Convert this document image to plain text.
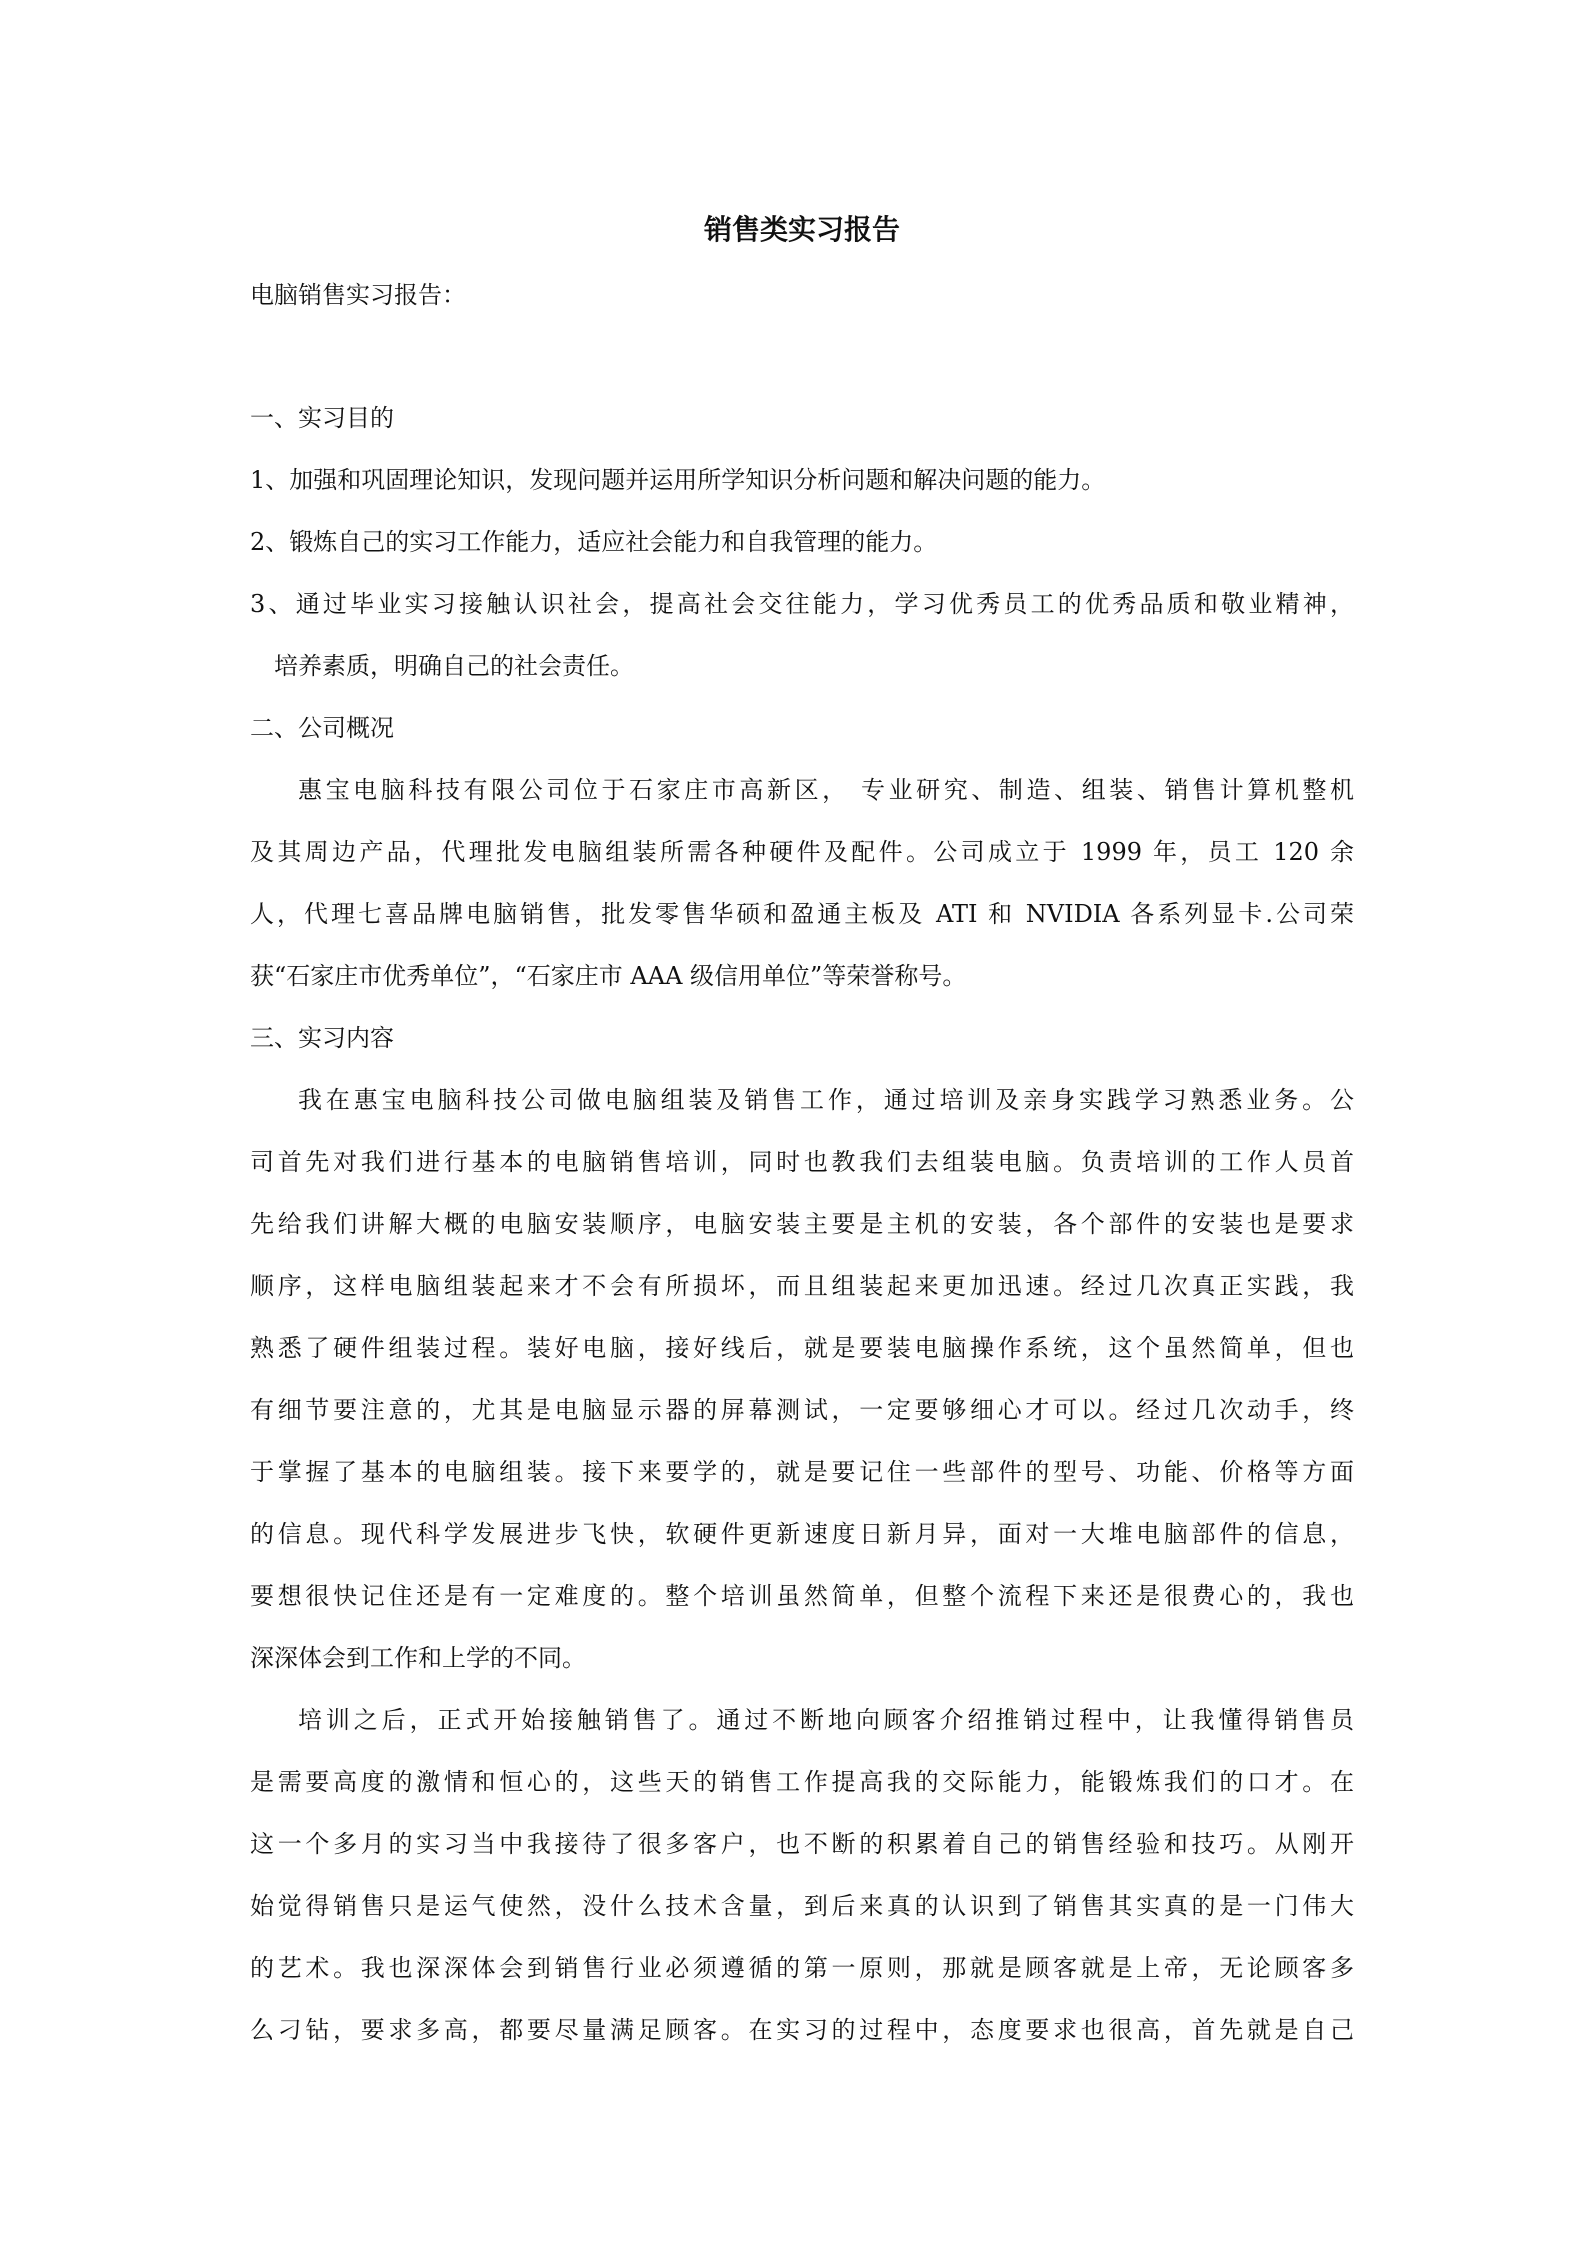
销售类实习报告

电脑销售实习报告：

一、实习目的

1、加强和巩固理论知识，发现问题并运用所学知识分析问题和解决问题的能力。

2、锻炼自己的实习工作能力，适应社会能力和自我管理的能力。

3、通过毕业实习接触认识社会，提高社会交往能力，学习优秀员工的优秀品质和敬业精神，

培养素质，明确自己的社会责任。

二、公司概况

惠宝电脑科技有限公司位于石家庄市高新区， 专业研究、制造、组装、销售计算机整机

及其周边产品，代理批发电脑组装所需各种硬件及配件。公司成立于 1999 年，员工 120 余

人，代理七喜品牌电脑销售，批发零售华硕和盈通主板及 ATI 和 NVIDIA 各系列显卡.公司荣

获“石家庄市优秀单位”，“石家庄市 AAA 级信用单位”等荣誉称号。

三、实习内容

我在惠宝电脑科技公司做电脑组装及销售工作，通过培训及亲身实践学习熟悉业务。公

司首先对我们进行基本的电脑销售培训，同时也教我们去组装电脑。负责培训的工作人员首

先给我们讲解大概的电脑安装顺序，电脑安装主要是主机的安装，各个部件的安装也是要求

顺序，这样电脑组装起来才不会有所损坏，而且组装起来更加迅速。经过几次真正实践，我

熟悉了硬件组装过程。装好电脑，接好线后，就是要装电脑操作系统，这个虽然简单，但也

有细节要注意的，尤其是电脑显示器的屏幕测试，一定要够细心才可以。经过几次动手，终

于掌握了基本的电脑组装。接下来要学的，就是要记住一些部件的型号、功能、价格等方面

的信息。现代科学发展进步飞快，软硬件更新速度日新月异，面对一大堆电脑部件的信息，

要想很快记住还是有一定难度的。整个培训虽然简单，但整个流程下来还是很费心的，我也

深深体会到工作和上学的不同。

培训之后，正式开始接触销售了。通过不断地向顾客介绍推销过程中，让我懂得销售员

是需要高度的激情和恒心的，这些天的销售工作提高我的交际能力，能锻炼我们的口才。在

这一个多月的实习当中我接待了很多客户，也不断的积累着自己的销售经验和技巧。从刚开

始觉得销售只是运气使然，没什么技术含量，到后来真的认识到了销售其实真的是一门伟大

的艺术。我也深深体会到销售行业必须遵循的第一原则，那就是顾客就是上帝，无论顾客多

么刁钻，要求多高，都要尽量满足顾客。在实习的过程中，态度要求也很高，首先就是自己
